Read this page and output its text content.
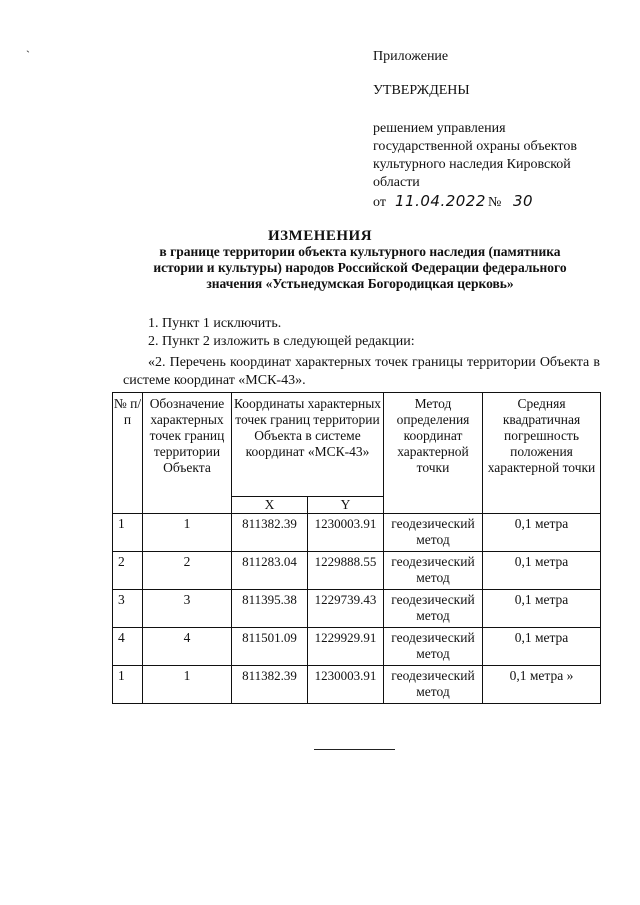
ˏ
Приложение
УТВЕРЖДЕНЫ
решением управления
государственной охраны объектов
культурного наследия Кировской
области
от 11.04.2022 № 30
ИЗМЕНЕНИЯ
в границе территории объекта культурного наследия (памятника
истории и культуры) народов Российской Федерации федерального
значения «Устьнедумская Богородицкая церковь»
1. Пункт 1 исключить.
2. Пункт 2 изложить в следующей редакции:
«2. Перечень координат характерных точек границы территории Объекта в системе координат «МСК-43».
№ п/п	Обозначение характерных точек границ территории Объекта	Координаты характерных точек границ территории Объекта в системе координат «МСК-43»		Метод определения координат характерной точки	Средняя квадратичная погрешность положения характерной точки
		X	Y		
1	1	811382.39	1230003.91	геодезический метод	0,1 метра
2	2	811283.04	1229888.55	геодезический метод	0,1 метра
3	3	811395.38	1229739.43	геодезический метод	0,1 метра
4	4	811501.09	1229929.91	геодезический метод	0,1 метра
1	1	811382.39	1230003.91	геодезический метод	0,1 метра »
